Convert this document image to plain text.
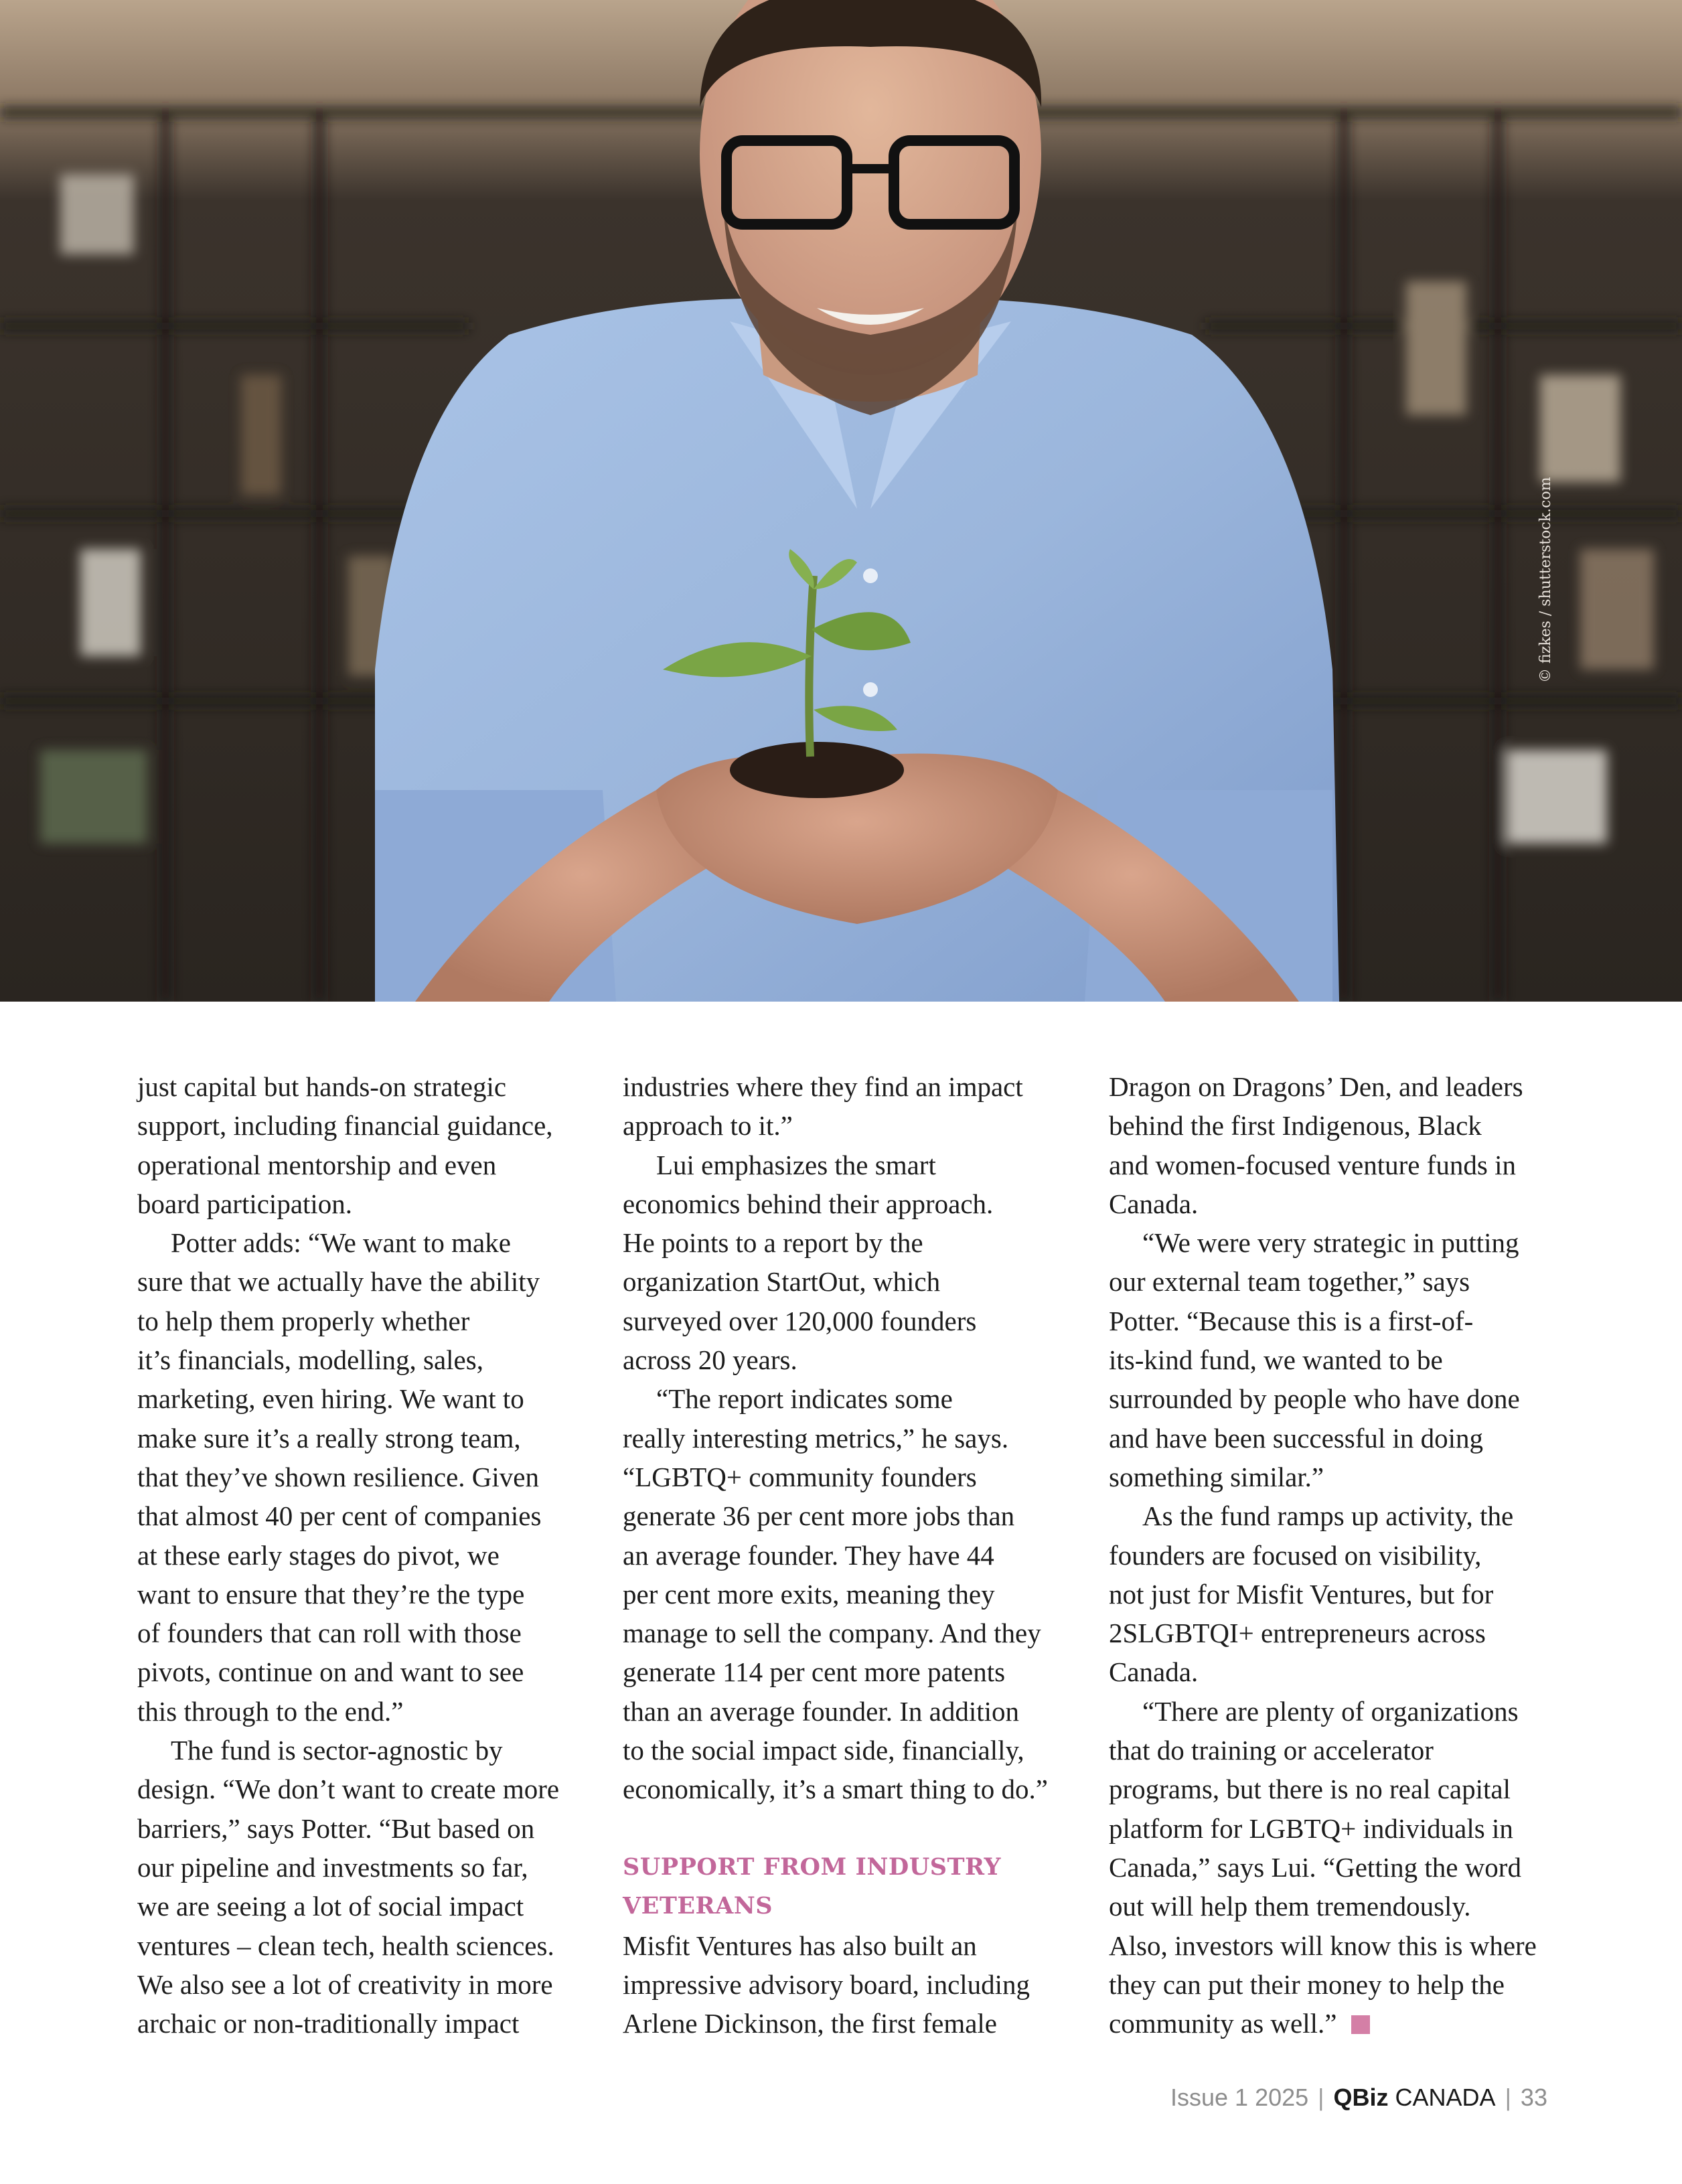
© fizkes / shutterstock.com
just capital but hands-on strategic
support, including financial guidance,
operational mentorship and even
board participation.
Potter adds: “We want to make
sure that we actually have the ability
to help them properly whether
it’s financials, modelling, sales,
marketing, even hiring. We want to
make sure it’s a really strong team,
that they’ve shown resilience. Given
that almost 40 per cent of companies
at these early stages do pivot, we
want to ensure that they’re the type
of founders that can roll with those
pivots, continue on and want to see
this through to the end.”
The fund is sector-agnostic by
design. “We don’t want to create more
barriers,” says Potter. “But based on
our pipeline and investments so far,
we are seeing a lot of social impact
ventures – clean tech, health sciences.
We also see a lot of creativity in more
archaic or non-traditionally impact
industries where they find an impact
approach to it.”
Lui emphasizes the smart
economics behind their approach.
He points to a report by the
organization StartOut, which
surveyed over 120,000 founders
across 20 years.
“The report indicates some
really interesting metrics,” he says.
“LGBTQ+ community founders
generate 36 per cent more jobs than
an average founder. They have 44
per cent more exits, meaning they
manage to sell the company. And they
generate 114 per cent more patents
than an average founder. In addition
to the social impact side, financially,
economically, it’s a smart thing to do.”
SUPPORT FROM INDUSTRY
VETERANS
Misfit Ventures has also built an
impressive advisory board, including
Arlene Dickinson, the first female
Dragon on Dragons’ Den, and leaders
behind the first Indigenous, Black
and women-focused venture funds in
Canada.
“We were very strategic in putting
our external team together,” says
Potter. “Because this is a first-of-
its-kind fund, we wanted to be
surrounded by people who have done
and have been successful in doing
something similar.”
As the fund ramps up activity, the
founders are focused on visibility,
not just for Misfit Ventures, but for
2SLGBTQI+ entrepreneurs across
Canada.
“There are plenty of organizations
that do training or accelerator
programs, but there is no real capital
platform for LGBTQ+ individuals in
Canada,” says Lui. “Getting the word
out will help them tremendously.
Also, investors will know this is where
they can put their money to help the
community as well.”
Issue 1 2025 | QBiz CANADA | 33
